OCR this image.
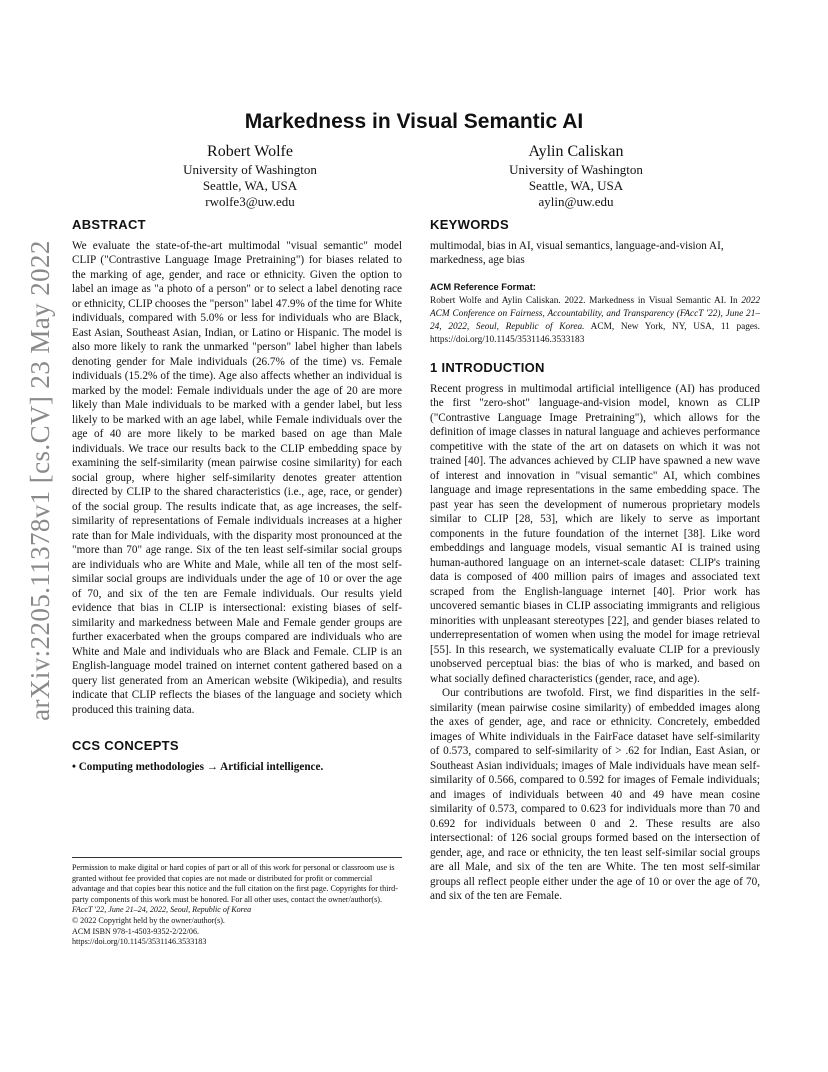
arXiv:2205.11378v1 [cs.CV] 23 May 2022
Markedness in Visual Semantic AI
Robert Wolfe
University of Washington
Seattle, WA, USA
rwolfe3@uw.edu
Aylin Caliskan
University of Washington
Seattle, WA, USA
aylin@uw.edu
ABSTRACT

We evaluate the state-of-the-art multimodal "visual semantic" model CLIP ("Contrastive Language Image Pretraining") for biases related to the marking of age, gender, and race or ethnicity. Given the option to label an image as "a photo of a person" or to select a label denoting race or ethnicity, CLIP chooses the "person" label 47.9% of the time for White individuals, compared with 5.0% or less for individuals who are Black, East Asian, Southeast Asian, Indian, or Latino or Hispanic. The model is also more likely to rank the unmarked "person" label higher than labels denoting gender for Male individuals (26.7% of the time) vs. Female individuals (15.2% of the time). Age also affects whether an individual is marked by the model: Female individuals under the age of 20 are more likely than Male individuals to be marked with a gender label, but less likely to be marked with an age label, while Female individuals over the age of 40 are more likely to be marked based on age than Male individuals. We trace our results back to the CLIP embedding space by examining the self-similarity (mean pairwise cosine similarity) for each social group, where higher self-similarity denotes greater attention directed by CLIP to the shared characteristics (i.e., age, race, or gender) of the social group. The results indicate that, as age increases, the self-similarity of representations of Female individuals increases at a higher rate than for Male individuals, with the disparity most pronounced at the "more than 70" age range. Six of the ten least self-similar social groups are individuals who are White and Male, while all ten of the most self-similar social groups are individuals under the age of 10 or over the age of 70, and six of the ten are Female individuals. Our results yield evidence that bias in CLIP is intersectional: existing biases of self-similarity and markedness between Male and Female gender groups are further exacerbated when the groups compared are individuals who are White and Male and individuals who are Black and Female. CLIP is an English-language model trained on internet content gathered based on a query list generated from an American website (Wikipedia), and results indicate that CLIP reflects the biases of the language and society which produced this training data.

CCS CONCEPTS
• Computing methodologies → Artificial intelligence.

Permission to make digital or hard copies of part or all of this work for personal or classroom use is granted without fee provided that copies are not made or distributed for profit or commercial advantage and that copies bear this notice and the full citation on the first page. Copyrights for third-party components of this work must be honored. For all other uses, contact the owner/author(s).

FAccT '22, June 21–24, 2022, Seoul, Republic of Korea

© 2022 Copyright held by the owner/author(s).

ACM ISBN 978-1-4503-9352-2/22/06.

https://doi.org/10.1145/3531146.3533183

KEYWORDS

multimodal, bias in AI, visual semantics, language-and-vision AI, markedness, age bias

ACM Reference Format:

Robert Wolfe and Aylin Caliskan. 2022. Markedness in Visual Semantic AI. In 2022 ACM Conference on Fairness, Accountability, and Transparency (FAccT '22), June 21–24, 2022, Seoul, Republic of Korea. ACM, New York, NY, USA, 11 pages. https://doi.org/10.1145/3531146.3533183

1 INTRODUCTION

Recent progress in multimodal artificial intelligence (AI) has produced the first "zero-shot" language-and-vision model, known as CLIP ("Contrastive Language Image Pretraining"), which allows for the definition of image classes in natural language and achieves performance competitive with the state of the art on datasets on which it was not trained [40]. The advances achieved by CLIP have spawned a new wave of interest and innovation in "visual semantic" AI, which combines language and image representations in the same embedding space. The past year has seen the development of numerous proprietary models similar to CLIP [28, 53], which are likely to serve as important components in the future foundation of the internet [38]. Like word embeddings and language models, visual semantic AI is trained using human-authored language on an internet-scale dataset: CLIP's training data is composed of 400 million pairs of images and associated text scraped from the English-language internet [40]. Prior work has uncovered semantic biases in CLIP associating immigrants and religious minorities with unpleasant stereotypes [22], and gender biases related to underrepresentation of women when using the model for image retrieval [55]. In this research, we systematically evaluate CLIP for a previously unobserved perceptual bias: the bias of who is marked, and based on what socially defined characteristics (gender, race, and age).

Our contributions are twofold. First, we find disparities in the self-similarity (mean pairwise cosine similarity) of embedded images along the axes of gender, age, and race or ethnicity. Concretely, embedded images of White individuals in the FairFace dataset have self-similarity of 0.573, compared to self-similarity of > .62 for Indian, East Asian, or Southeast Asian individuals; images of Male individuals have mean self-similarity of 0.566, compared to 0.592 for images of Female individuals; and images of individuals between 40 and 49 have mean cosine similarity of 0.573, compared to 0.623 for individuals more than 70 and 0.692 for individuals between 0 and 2. These results are also intersectional: of 126 social groups formed based on the intersection of gender, age, and race or ethnicity, the ten least self-similar social groups are all Male, and six of the ten are White. The ten most self-similar groups all reflect people either under the age of 10 or over the age of 70, and six of the ten are Female.
